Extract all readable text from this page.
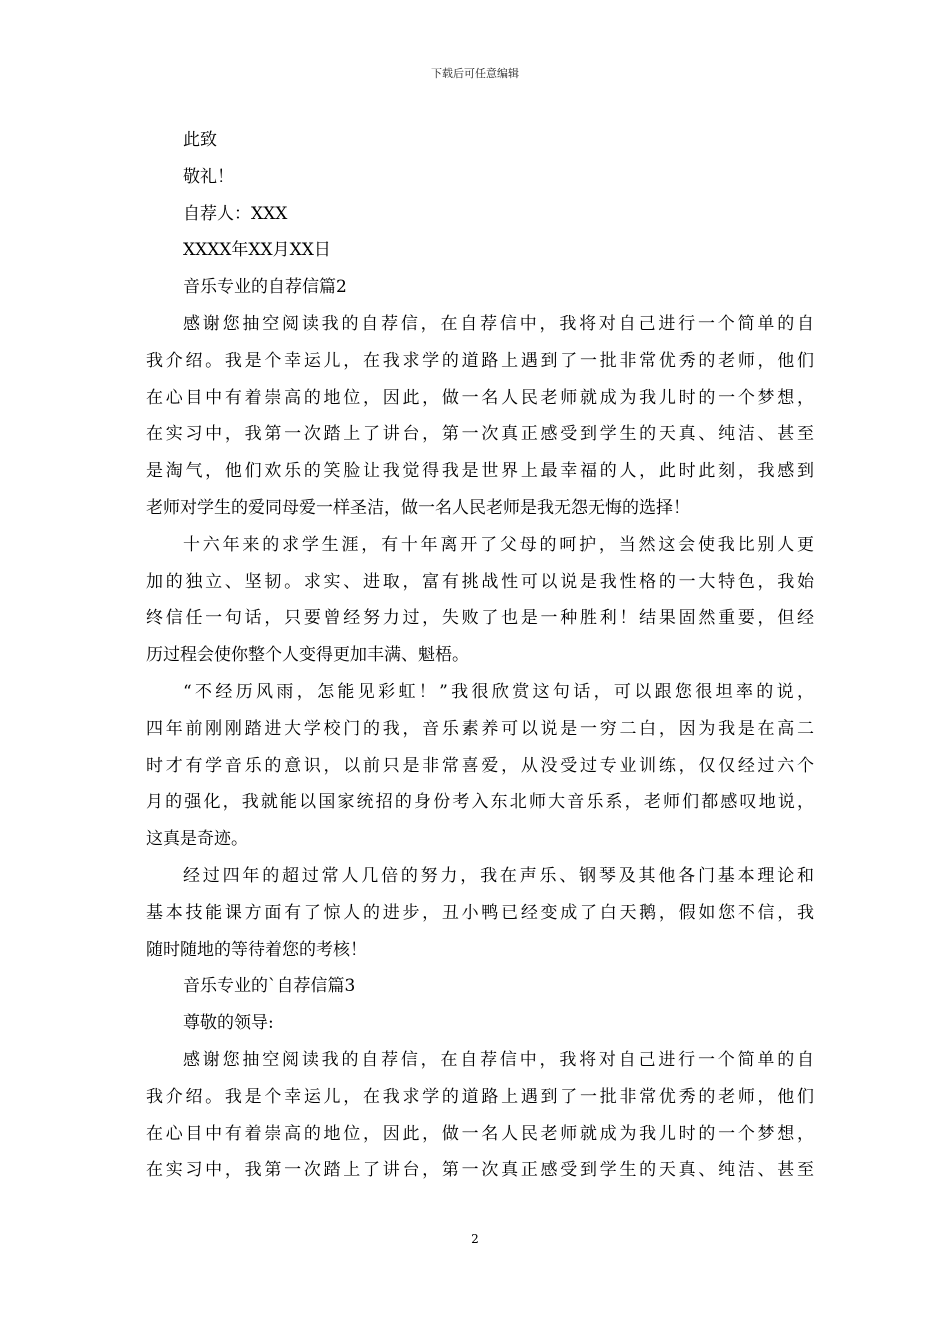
下载后可任意编辑
此致
敬礼！
自荐人：XXX
XXXX年XX月XX日
音乐专业的自荐信篇2
感谢您抽空阅读我的自荐信，在自荐信中，我将对自己进行一个简单的自
我介绍。我是个幸运儿，在我求学的道路上遇到了一批非常优秀的老师，他们
在心目中有着崇高的地位，因此，做一名人民老师就成为我儿时的一个梦想，
在实习中，我第一次踏上了讲台，第一次真正感受到学生的天真、纯洁、甚至
是淘气，他们欢乐的笑脸让我觉得我是世界上最幸福的人，此时此刻，我感到
老师对学生的爱同母爱一样圣洁，做一名人民老师是我无怨无悔的选择！
十六年来的求学生涯，有十年离开了父母的呵护，当然这会使我比别人更
加的独立、坚韧。求实、进取，富有挑战性可以说是我性格的一大特色，我始
终信任一句话，只要曾经努力过，失败了也是一种胜利！结果固然重要，但经
历过程会使你整个人变得更加丰满、魁梧。
“不经历风雨，怎能见彩虹！”我很欣赏这句话，可以跟您很坦率的说，
四年前刚刚踏进大学校门的我，音乐素养可以说是一穷二白，因为我是在高二
时才有学音乐的意识，以前只是非常喜爱，从没受过专业训练，仅仅经过六个
月的强化，我就能以国家统招的身份考入东北师大音乐系，老师们都感叹地说，
这真是奇迹。
经过四年的超过常人几倍的努力，我在声乐、钢琴及其他各门基本理论和
基本技能课方面有了惊人的进步，丑小鸭已经变成了白天鹅，假如您不信，我
随时随地的等待着您的考核！
音乐专业的`自荐信篇3
尊敬的领导:
感谢您抽空阅读我的自荐信，在自荐信中，我将对自己进行一个简单的自
我介绍。我是个幸运儿，在我求学的道路上遇到了一批非常优秀的老师，他们
在心目中有着崇高的地位，因此，做一名人民老师就成为我儿时的一个梦想，
在实习中，我第一次踏上了讲台，第一次真正感受到学生的天真、纯洁、甚至
2
